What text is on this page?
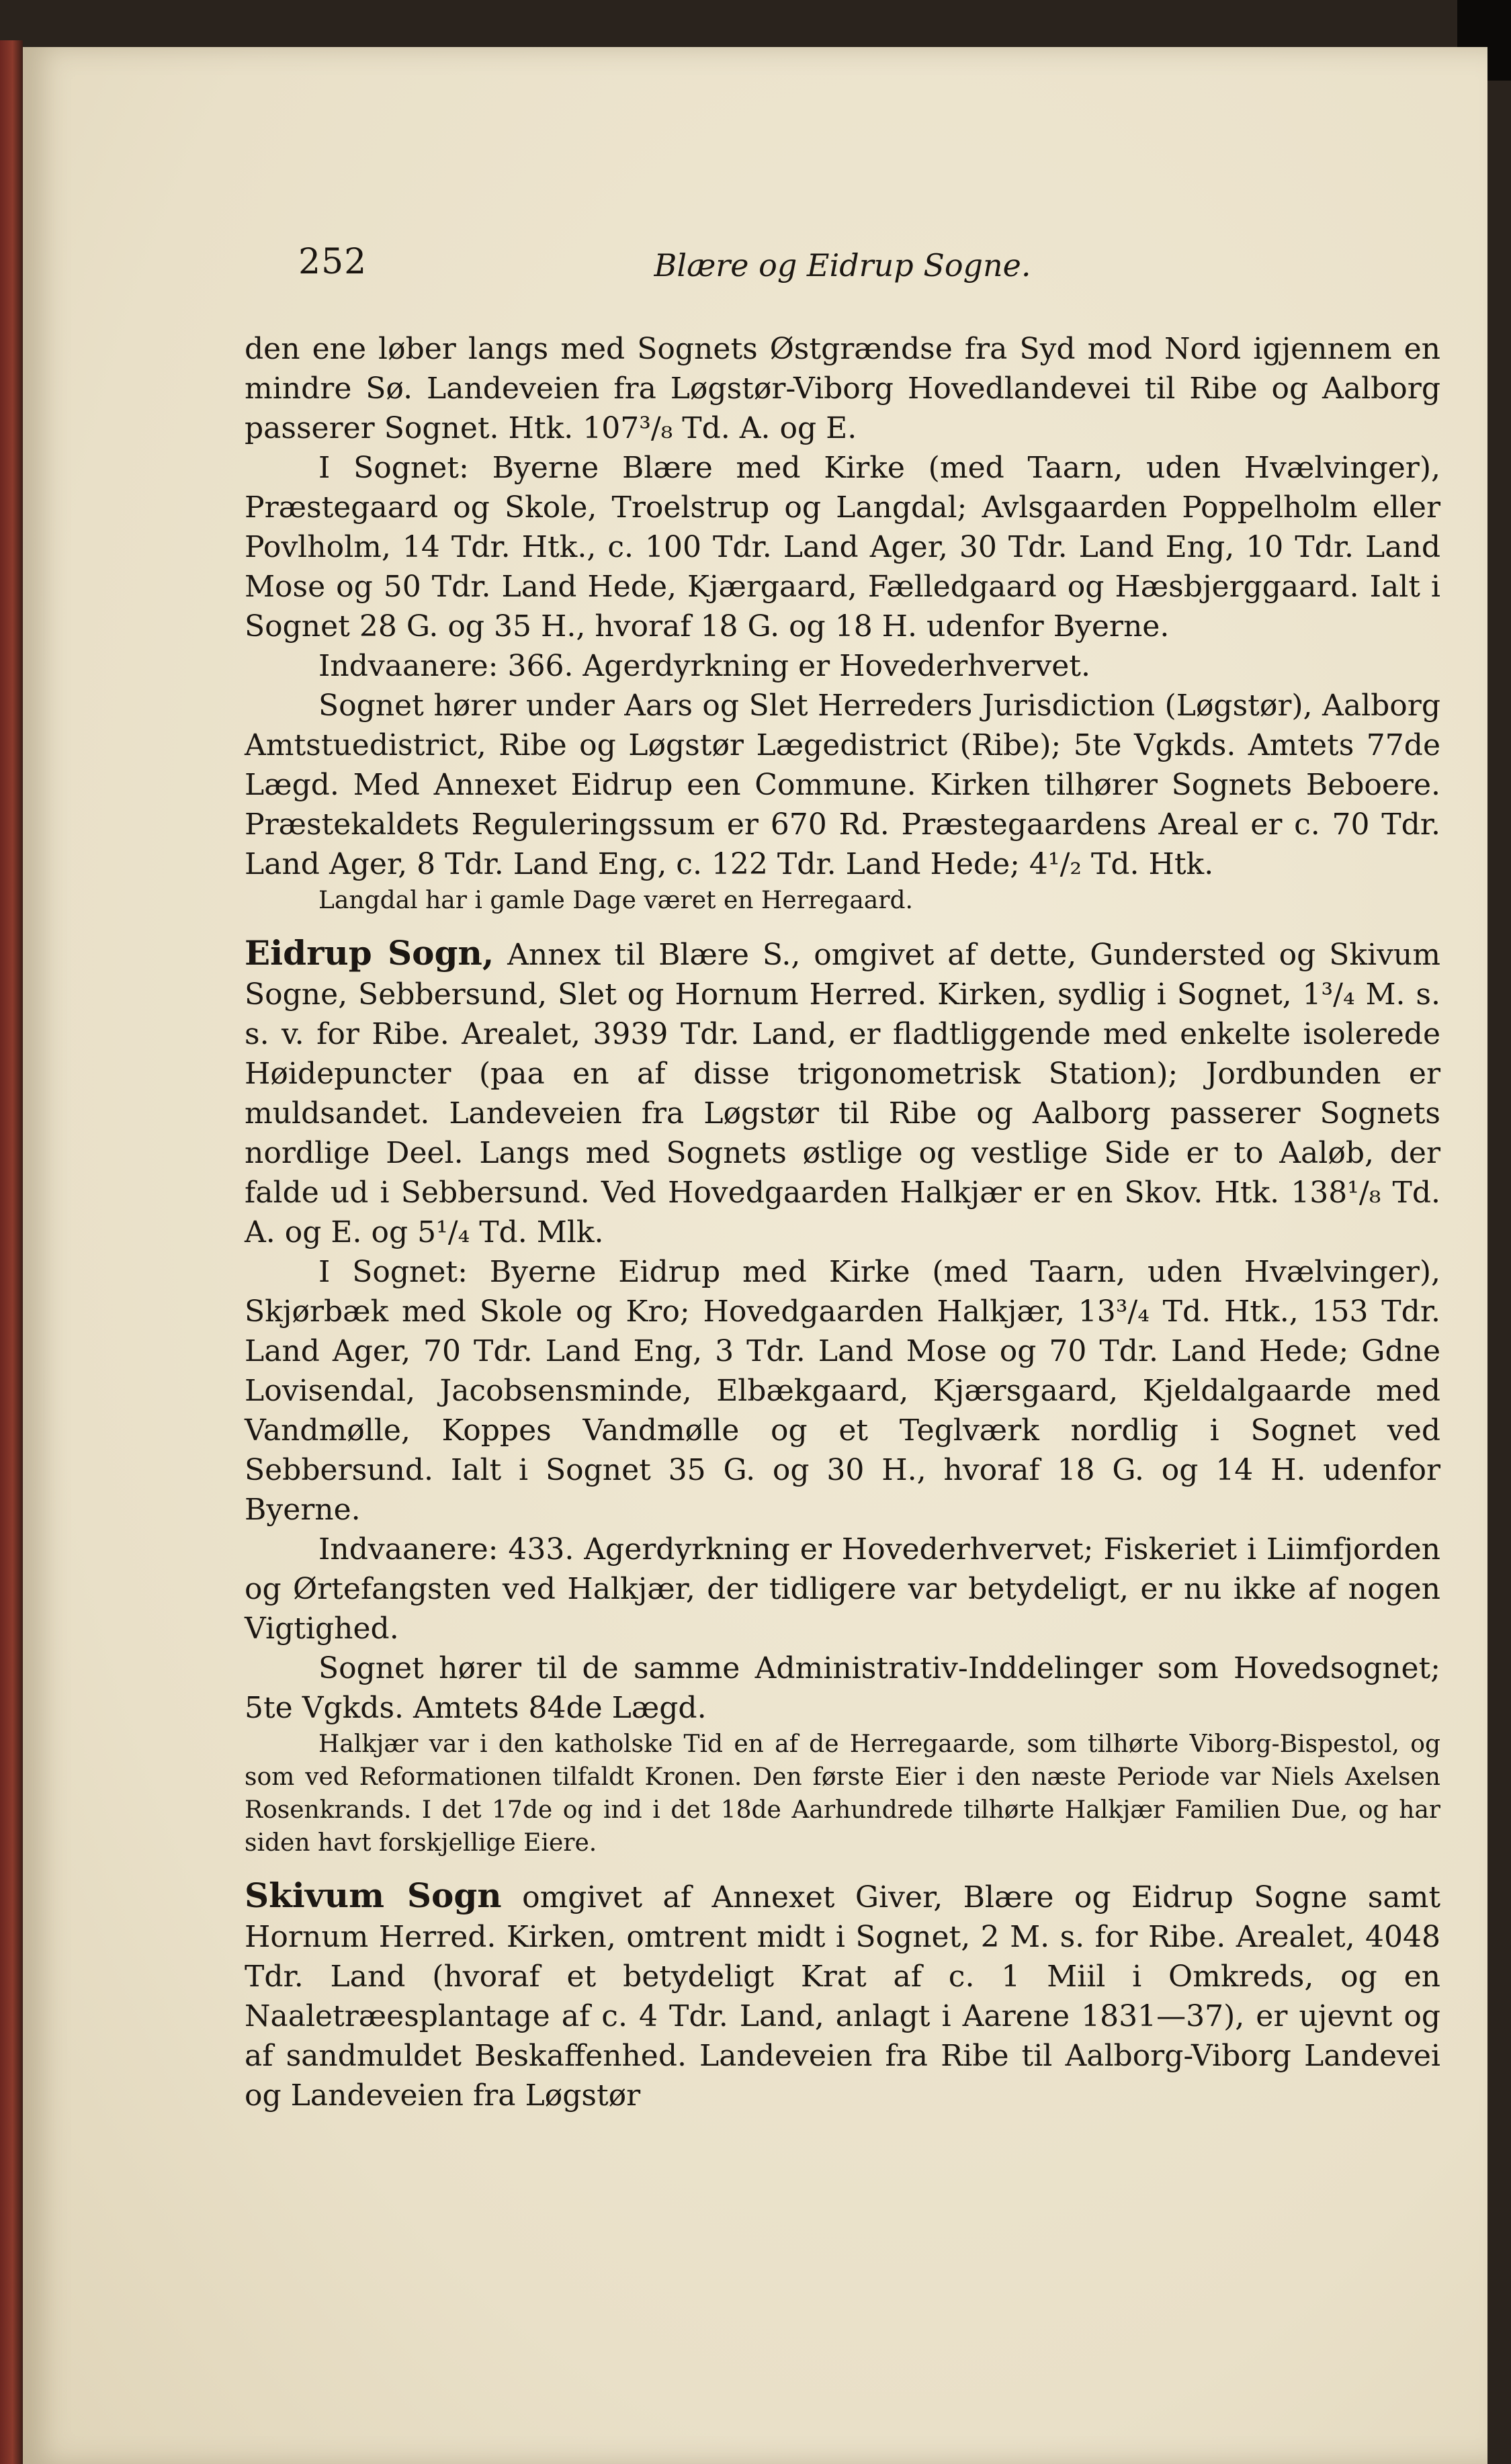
252	Blære og Eidrup Sogne.

den ene løber langs med Sognets Østgrændse fra Syd mod Nord igjennem en mindre Sø. Landeveien fra Løgstør-Viborg Hovedlandevei til Ribe og Aalborg passerer Sognet. Htk. 107³/₈ Td. A. og E.

I Sognet: Byerne Blære med Kirke (med Taarn, uden Hvælvinger), Præstegaard og Skole, Troelstrup og Langdal; Avlsgaarden Poppelholm eller Povlholm, 14 Tdr. Htk., c. 100 Tdr. Land Ager, 30 Tdr. Land Eng, 10 Tdr. Land Mose og 50 Tdr. Land Hede, Kjærgaard, Fælledgaard og Hæsbjerggaard. Ialt i Sognet 28 G. og 35 H., hvoraf 18 G. og 18 H. udenfor Byerne.

Indvaanere: 366. Agerdyrkning er Hovederhvervet.

Sognet hører under Aars og Slet Herreders Jurisdiction (Løgstør), Aalborg Amtstuedistrict, Ribe og Løgstør Lægedistrict (Ribe); 5te Vgkds. Amtets 77de Lægd. Med Annexet Eidrup een Commune. Kirken tilhører Sognets Beboere. Præstekaldets Reguleringssum er 670 Rd. Præstegaardens Areal er c. 70 Tdr. Land Ager, 8 Tdr. Land Eng, c. 122 Tdr. Land Hede; 4¹/₂ Td. Htk.

Langdal har i gamle Dage været en Herregaard.

Eidrup Sogn, Annex til Blære S., omgivet af dette, Gundersted og Skivum Sogne, Sebbersund, Slet og Hornum Herred. Kirken, sydlig i Sognet, 1³/₄ M. s. s. v. for Ribe. Arealet, 3939 Tdr. Land, er fladtliggende med enkelte isolerede Høidepuncter (paa en af disse trigonometrisk Station); Jordbunden er muldsandet. Landeveien fra Løgstør til Ribe og Aalborg passerer Sognets nordlige Deel. Langs med Sognets østlige og vestlige Side er to Aaløb, der falde ud i Sebbersund. Ved Hovedgaarden Halkjær er en Skov. Htk. 138¹/₈ Td. A. og E. og 5¹/₄ Td. Mlk.

I Sognet: Byerne Eidrup med Kirke (med Taarn, uden Hvælvinger), Skjørbæk med Skole og Kro; Hovedgaarden Halkjær, 13³/₄ Td. Htk., 153 Tdr. Land Ager, 70 Tdr. Land Eng, 3 Tdr. Land Mose og 70 Tdr. Land Hede; Gdne Lovisendal, Jacobsensminde, Elbækgaard, Kjærsgaard, Kjeldalgaarde med Vandmølle, Koppes Vandmølle og et Teglværk nordlig i Sognet ved Sebbersund. Ialt i Sognet 35 G. og 30 H., hvoraf 18 G. og 14 H. udenfor Byerne.

Indvaanere: 433. Agerdyrkning er Hovederhvervet; Fiskeriet i Liimfjorden og Ørtefangsten ved Halkjær, der tidligere var betydeligt, er nu ikke af nogen Vigtighed.

Sognet hører til de samme Administrativ-Inddelinger som Hovedsognet; 5te Vgkds. Amtets 84de Lægd.

Halkjær var i den katholske Tid en af de Herregaarde, som tilhørte Viborg-Bispestol, og som ved Reformationen tilfaldt Kronen. Den første Eier i den næste Periode var Niels Axelsen Rosenkrands. I det 17de og ind i det 18de Aarhundrede tilhørte Halkjær Familien Due, og har siden havt forskjellige Eiere.

Skivum Sogn omgivet af Annexet Giver, Blære og Eidrup Sogne samt Hornum Herred. Kirken, omtrent midt i Sognet, 2 M. s. for Ribe. Arealet, 4048 Tdr. Land (hvoraf et betydeligt Krat af c. 1 Miil i Omkreds, og en Naaletræesplantage af c. 4 Tdr. Land, anlagt i Aarene 1831—37), er ujevnt og af sandmuldet Beskaffenhed. Landeveien fra Ribe til Aalborg-Viborg Landevei og Landeveien fra Løgstør
